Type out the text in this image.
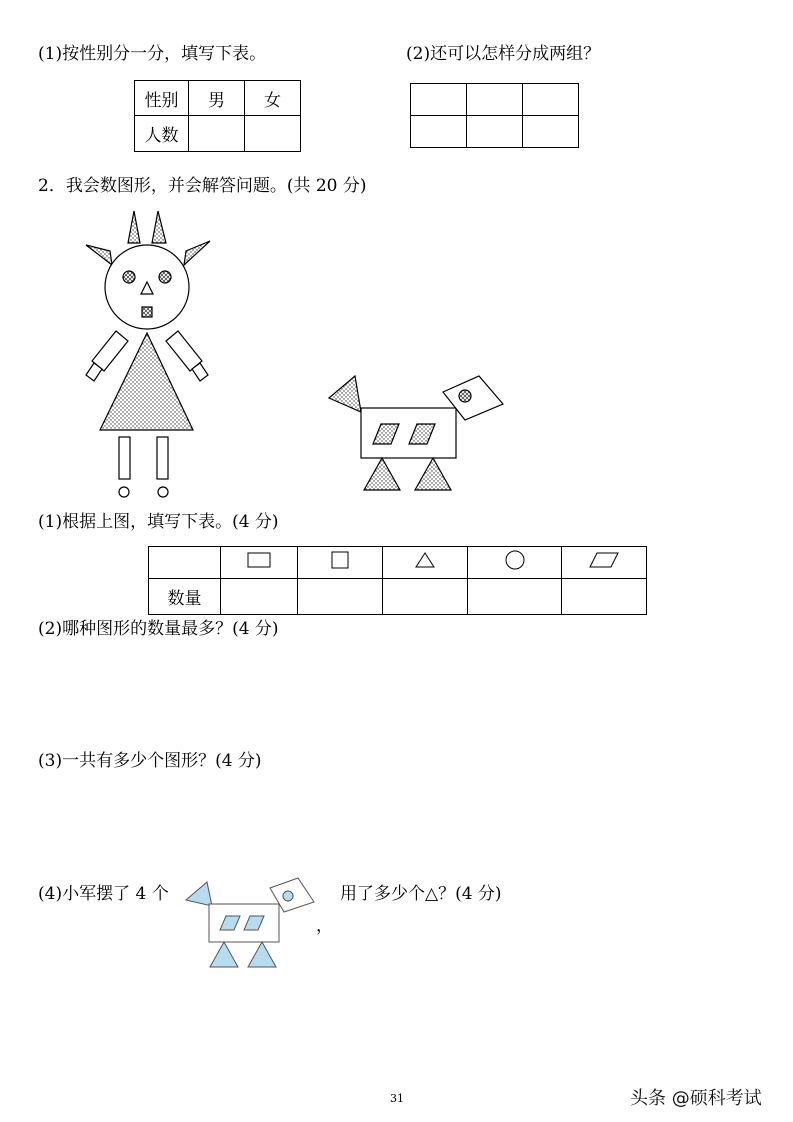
(1)按性别分一分，填写下表。	(2)还可以怎样分成两组？
性别	男	女
人数		

2．我会数图形，并会解答问题。(共 20 分)
(1)根据上图，填写下表。(4 分)

数量					
(2)哪种图形的数量最多？(4 分)
(3)一共有多少个图形？(4 分)
(4)小军摆了 4 个	用了多少个△？(4 分)
，
31	头条 @硕科考试
